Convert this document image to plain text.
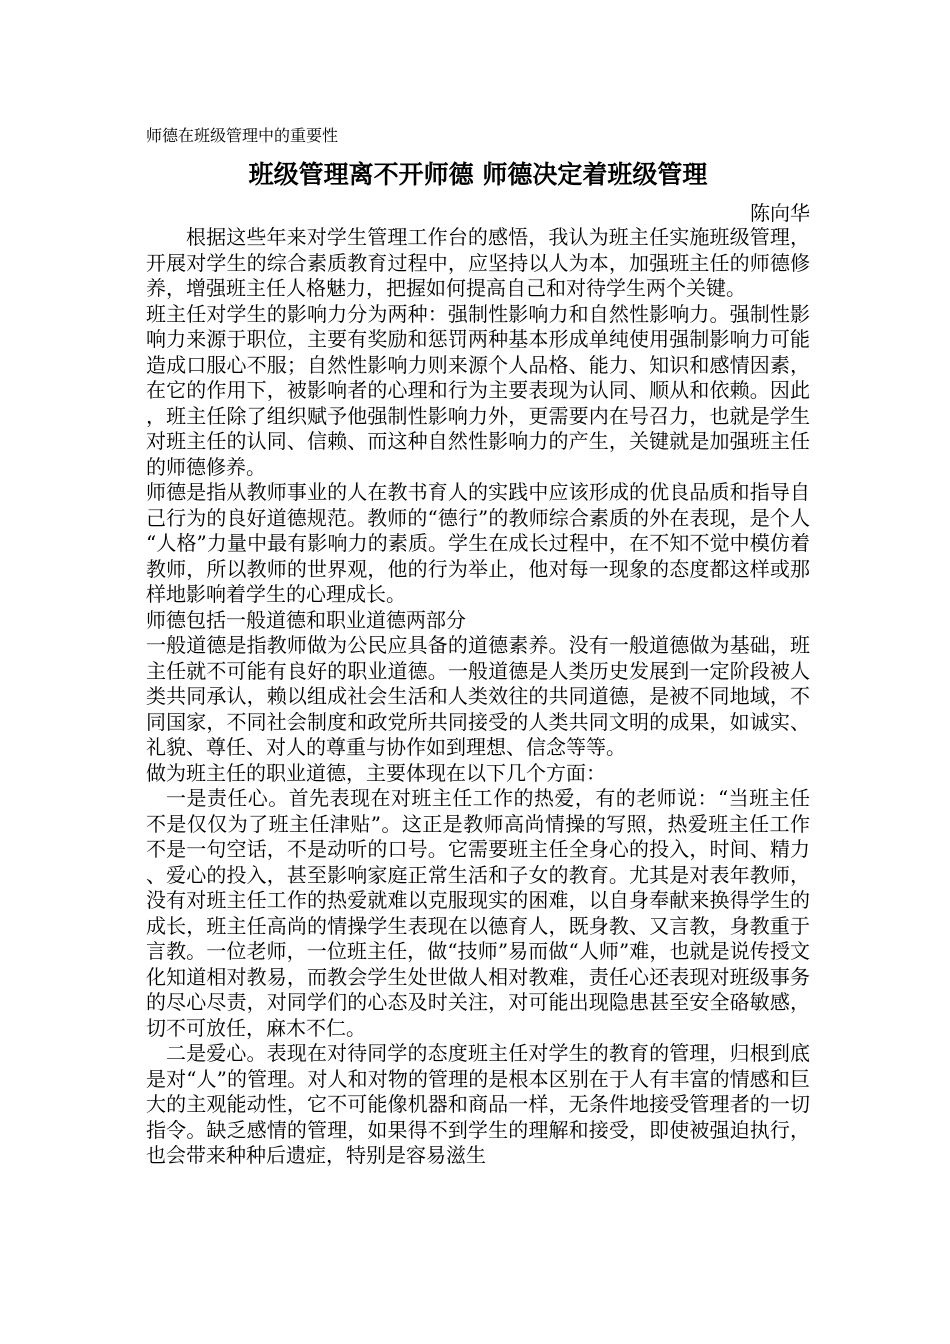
师德在班级管理中的重要性
班级管理离不开师德 师德决定着班级管理
陈向华

根据这些年来对学生管理工作台的感悟，我认为班主任实施班级管理，开展对学生的综合素质教育过程中，应坚持以人为本，加强班主任的师德修养，增强班主任人格魅力，把握如何提高自己和对待学生两个关键。

班主任对学生的影响力分为两种：强制性影响力和自然性影响力。强制性影响力来源于职位，主要有奖励和惩罚两种基本形成单纯使用强制影响力可能造成口服心不服；自然性影响力则来源个人品格、能力、知识和感情因素，在它的作用下，被影响者的心理和行为主要表现为认同、顺从和依赖。因此，班主任除了组织赋予他强制性影响力外，更需要内在号召力，也就是学生对班主任的认同、信赖、而这种自然性影响力的产生，关键就是加强班主任的师德修养。

师德是指从教师事业的人在教书育人的实践中应该形成的优良品质和指导自己行为的良好道德规范。教师的“德行”的教师综合素质的外在表现，是个人“人格”力量中最有影响力的素质。学生在成长过程中，在不知不觉中模仿着教师，所以教师的世界观，他的行为举止，他对每一现象的态度都这样或那样地影响着学生的心理成长。

师德包括一般道德和职业道德两部分

一般道德是指教师做为公民应具备的道德素养。没有一般道德做为基础，班主任就不可能有良好的职业道德。一般道德是人类历史发展到一定阶段被人类共同承认，赖以组成社会生活和人类效往的共同道德，是被不同地域，不同国家，不同社会制度和政党所共同接受的人类共同文明的成果，如诚实、礼貌、尊任、对人的尊重与协作如到理想、信念等等。

做为班主任的职业道德，主要体现在以下几个方面：

一是责任心。首先表现在对班主任工作的热爱，有的老师说：“当班主任不是仅仅为了班主任津贴”。这正是教师高尚情操的写照，热爱班主任工作不是一句空话，不是动听的口号。它需要班主任全身心的投入，时间、精力、爱心的投入，甚至影响家庭正常生活和子女的教育。尤其是对表年教师，没有对班主任工作的热爱就难以克服现实的困难，以自身奉献来换得学生的成长，班主任高尚的情操学生表现在以德育人，既身教、又言教，身教重于言教。一位老师，一位班主任，做“技师”易而做“人师”难，也就是说传授文化知道相对教易，而教会学生处世做人相对教难，责任心还表现对班级事务的尽心尽责，对同学们的心态及时关注，对可能出现隐患甚至安全硌敏感，切不可放任，麻木不仁。

二是爱心。表现在对待同学的态度班主任对学生的教育的管理，归根到底是对“人”的管理。对人和对物的管理的是根本区别在于人有丰富的情感和巨大的主观能动性，它不可能像机器和商品一样，无条件地接受管理者的一切指令。缺乏感情的管理，如果得不到学生的理解和接受，即使被强迫执行，也会带来种种后遗症，特别是容易滋生
